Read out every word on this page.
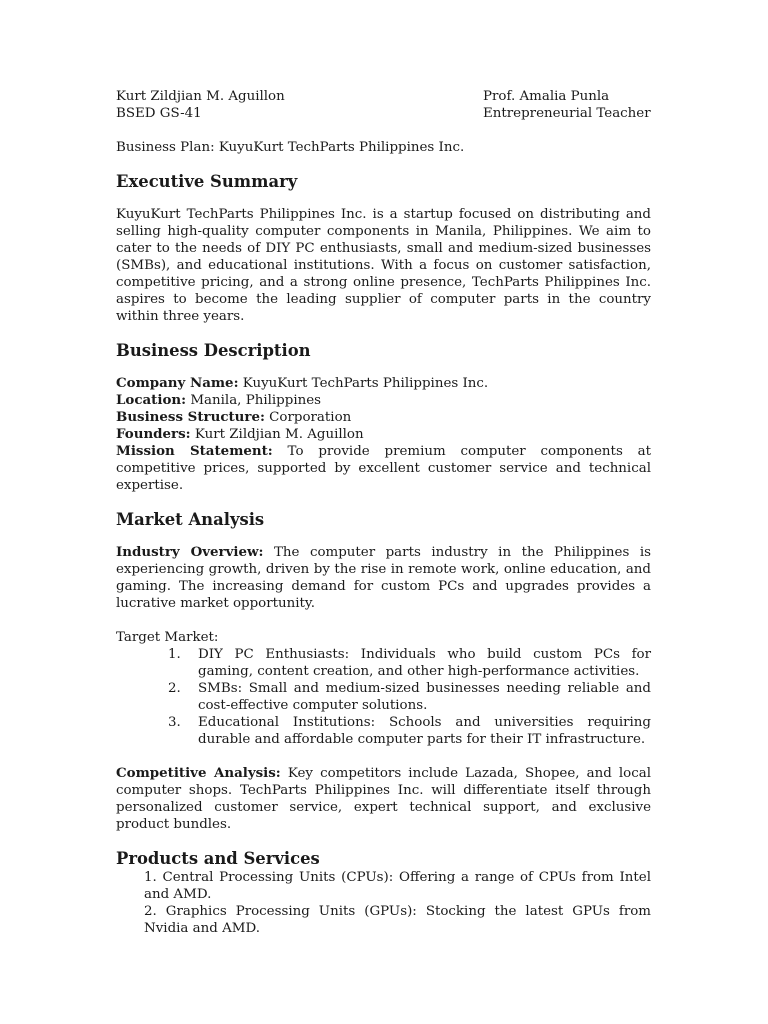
Kurt Zildjian M. Aguillon
BSED GS-41
Prof. Amalia Punla
Entrepreneurial Teacher
Business Plan: KuyuKurt TechParts Philippines Inc.
Executive Summary

KuyuKurt TechParts Philippines Inc. is a startup focused on distributing and selling high-quality computer components in Manila, Philippines. We aim to cater to the needs of DIY PC enthusiasts, small and medium-sized businesses (SMBs), and educational institutions. With a focus on customer satisfaction, competitive pricing, and a strong online presence, TechParts Philippines Inc. aspires to become the leading supplier of computer parts in the country within three years.

Business Description

Company Name: KuyuKurt TechParts Philippines Inc.

Location: Manila, Philippines

Business Structure: Corporation

Founders: Kurt Zildjian M. Aguillon

Mission Statement: To provide premium computer components at competitive prices, supported by excellent customer service and technical expertise.

Market Analysis

Industry Overview: The computer parts industry in the Philippines is experiencing growth, driven by the rise in remote work, online education, and gaming. The increasing demand for custom PCs and upgrades provides a lucrative market opportunity.

Target Market:

1.	DIY PC Enthusiasts: Individuals who build custom PCs for gaming, content creation, and other high-performance activities.
2.	SMBs: Small and medium-sized businesses needing reliable and cost-effective computer solutions.
3.	Educational Institutions: Schools and universities requiring durable and affordable computer parts for their IT infrastructure.

Competitive Analysis: Key competitors include Lazada, Shopee, and local computer shops. TechParts Philippines Inc. will differentiate itself through personalized customer service, expert technical support, and exclusive product bundles.

Products and Services

1. Central Processing Units (CPUs): Offering a range of CPUs from Intel and AMD.

2. Graphics Processing Units (GPUs): Stocking the latest GPUs from Nvidia and AMD.
